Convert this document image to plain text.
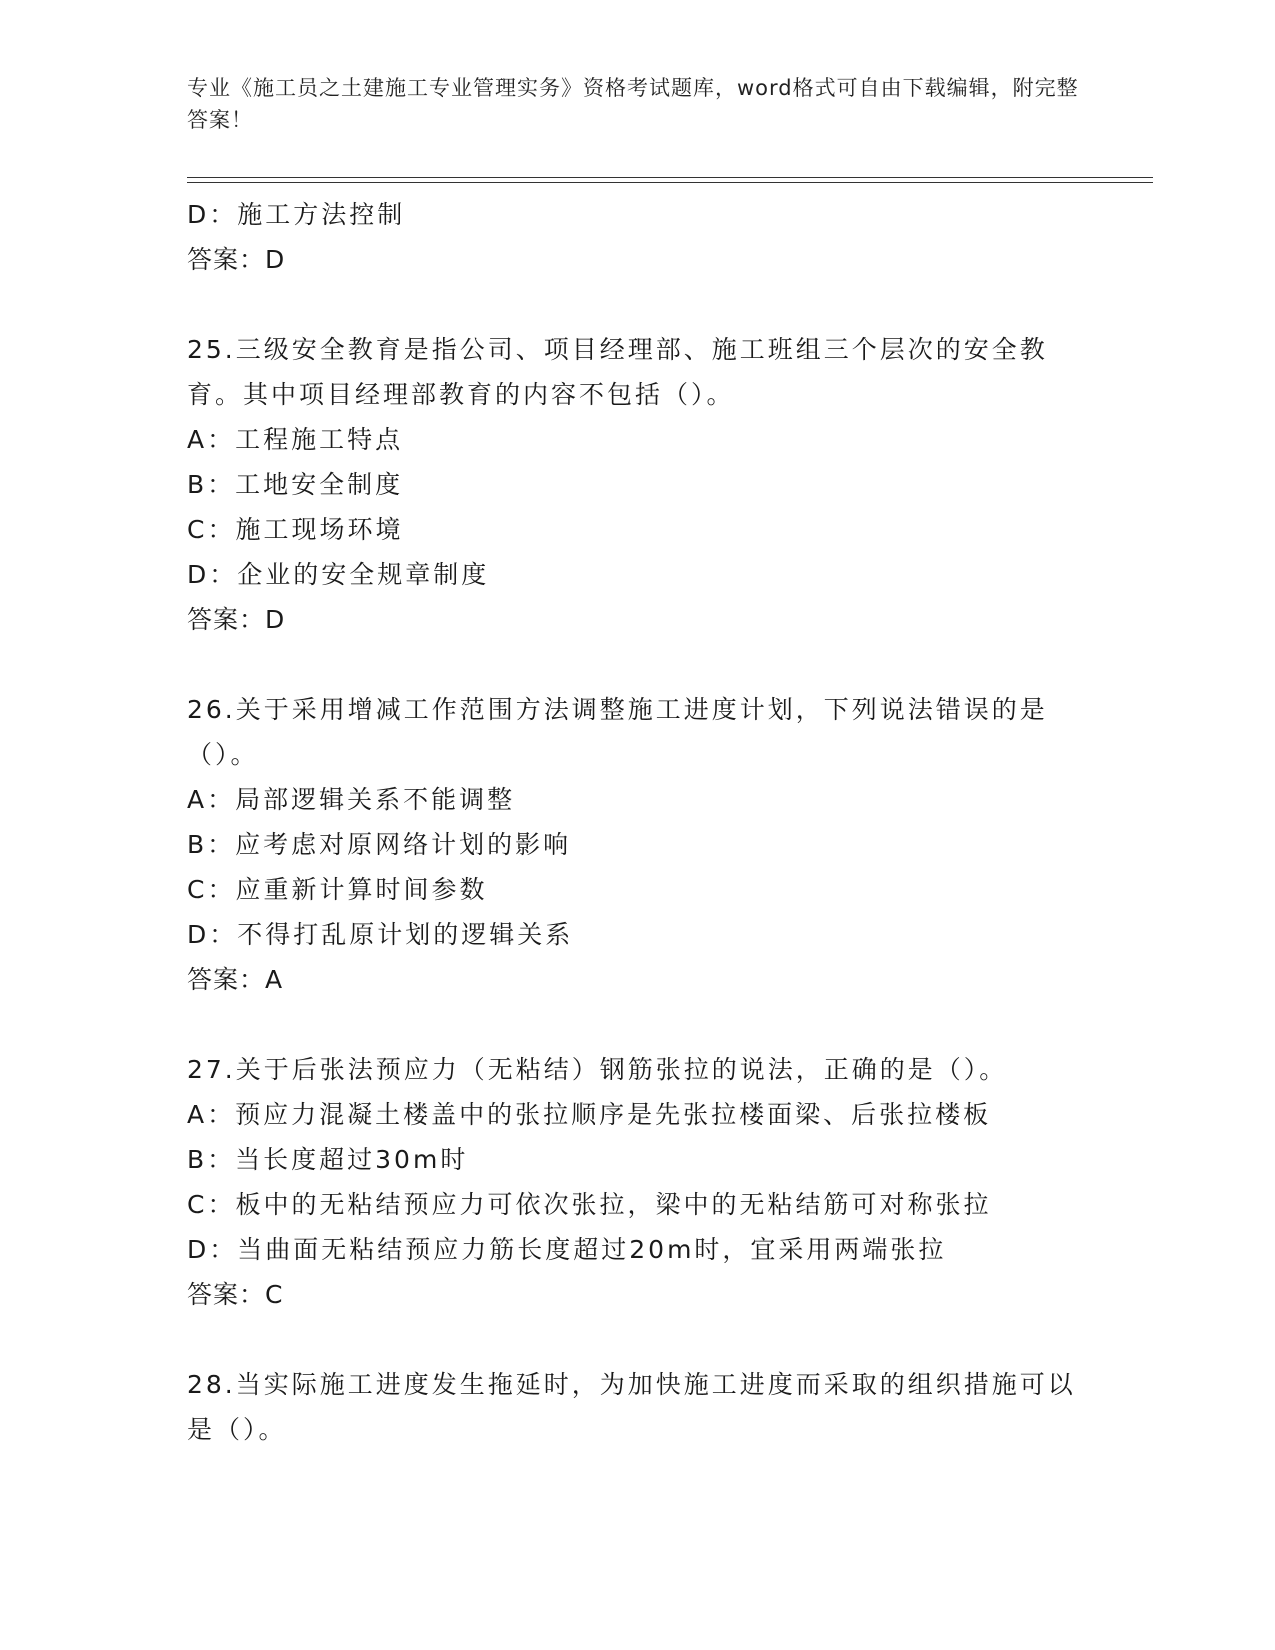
专业《施工员之土建施工专业管理实务》资格考试题库，word格式可自由下载编辑，附完整答案！
D：施工方法控制
答案：D
25.三级安全教育是指公司、项目经理部、施工班组三个层次的安全教育。其中项目经理部教育的内容不包括（）。
A：工程施工特点
B：工地安全制度
C：施工现场环境
D：企业的安全规章制度
答案：D
26.关于采用增减工作范围方法调整施工进度计划，下列说法错误的是（）。
A：局部逻辑关系不能调整
B：应考虑对原网络计划的影响
C：应重新计算时间参数
D：不得打乱原计划的逻辑关系
答案：A
27.关于后张法预应力（无粘结）钢筋张拉的说法，正确的是（）。
A：预应力混凝土楼盖中的张拉顺序是先张拉楼面梁、后张拉楼板
B：当长度超过30m时
C：板中的无粘结预应力可依次张拉，梁中的无粘结筋可对称张拉
D：当曲面无粘结预应力筋长度超过20m时，宜采用两端张拉
答案：C
28.当实际施工进度发生拖延时，为加快施工进度而采取的组织措施可以是（）。
